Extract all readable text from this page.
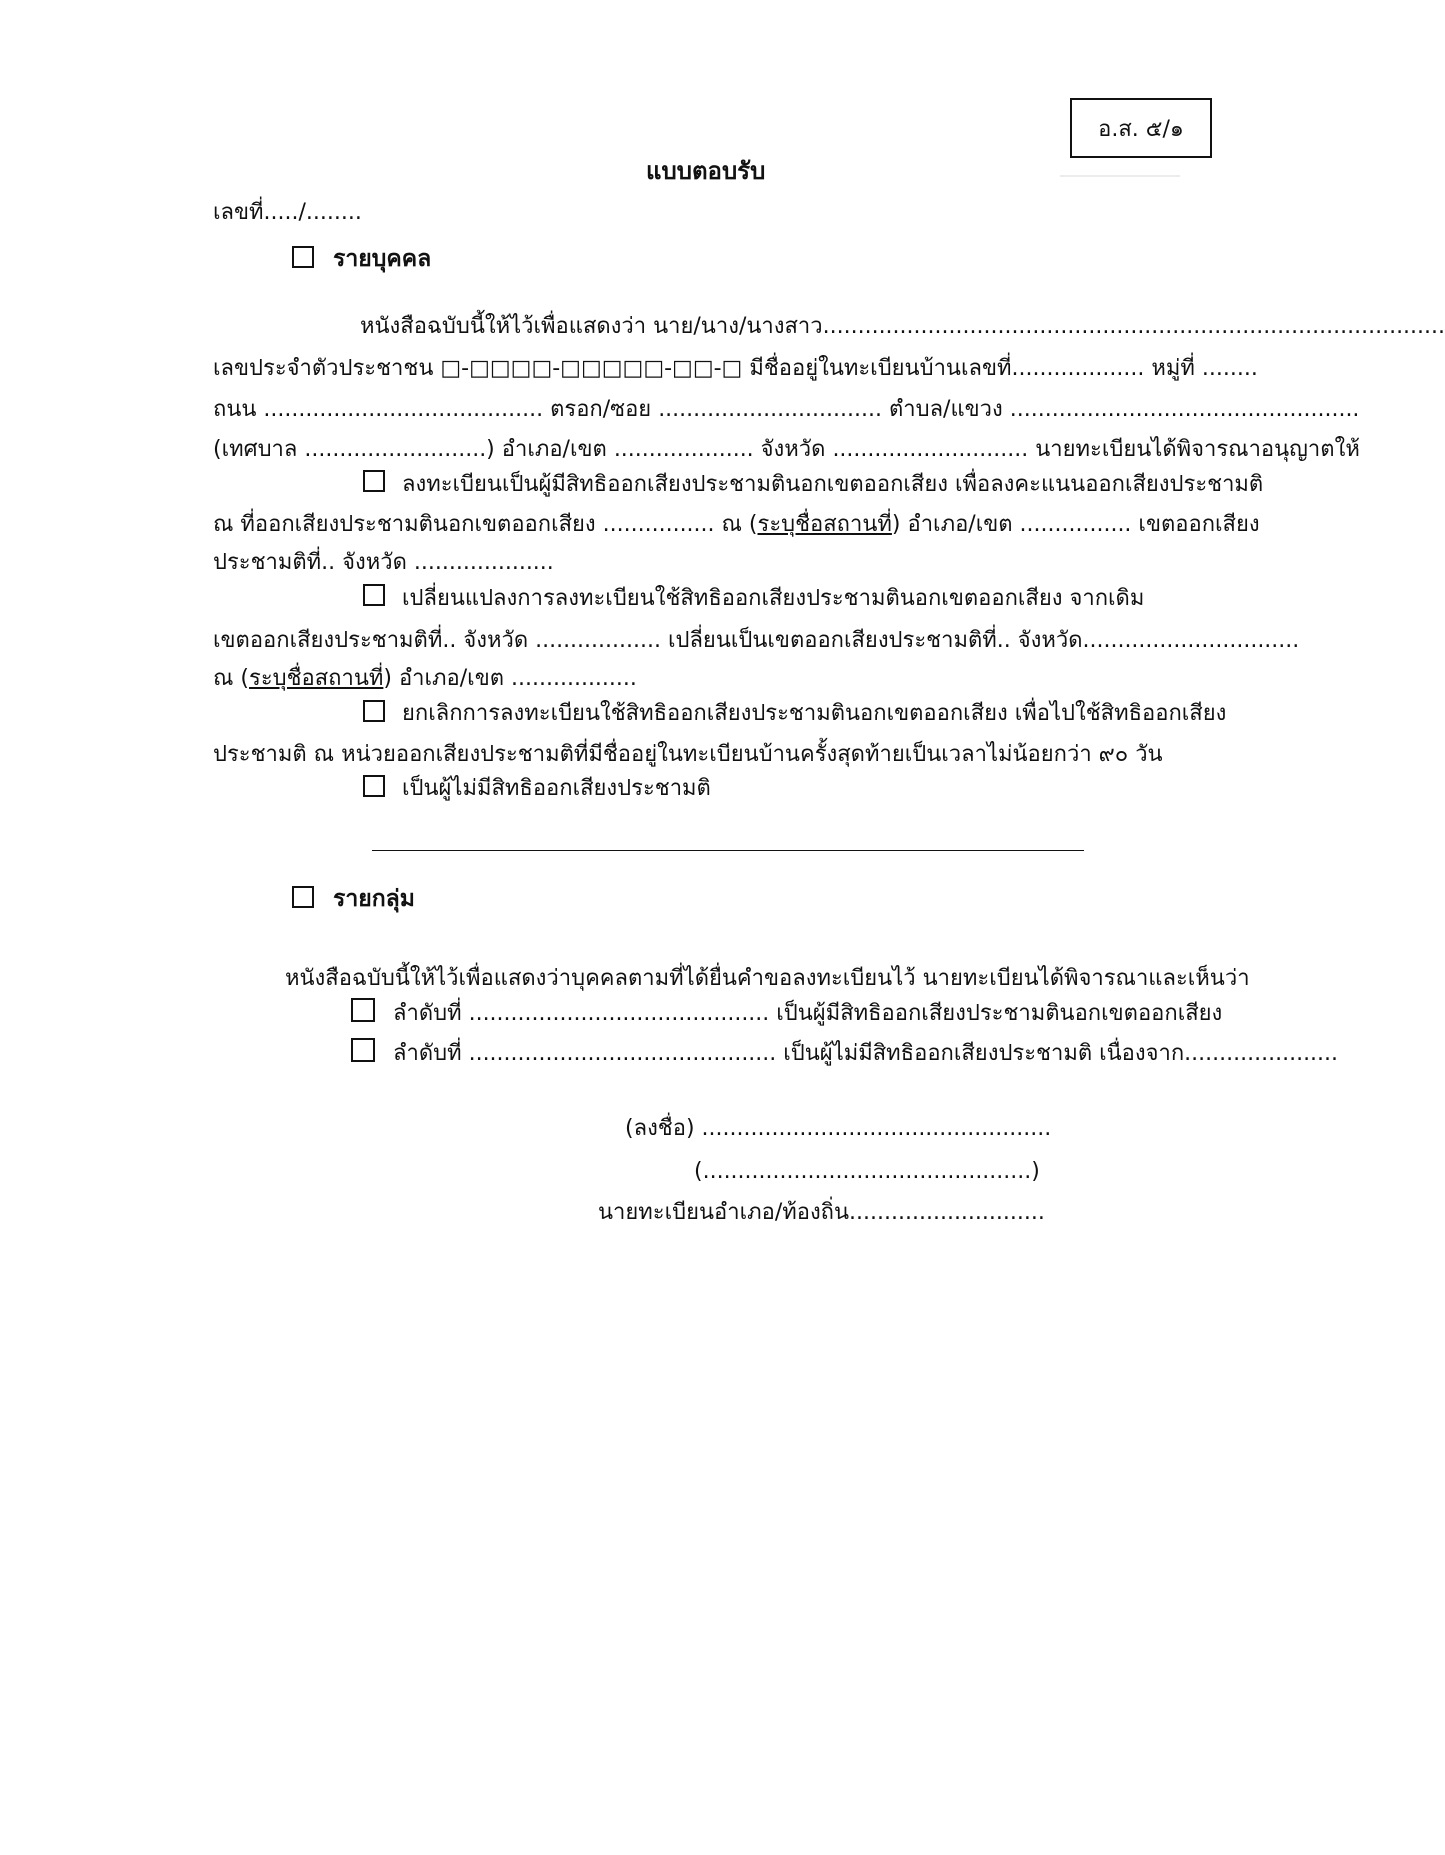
อ.ส. ๕/๑
แบบตอบรับ
เลขที่...../........
รายบุคคล
หนังสือฉบับนี้ให้ไว้เพื่อแสดงว่า นาย/นาง/นางสาว.........................................................................................
เลขประจำตัวประชาชน □-□□□□-□□□□□-□□-□ มีชื่ออยู่ในทะเบียนบ้านเลขที่................... หมู่ที่ ........
ถนน ........................................ ตรอก/ซอย ................................ ตำบล/แขวง ..................................................
(เทศบาล ..........................) อำเภอ/เขต .................... จังหวัด ............................ นายทะเบียนได้พิจารณาอนุญาตให้
ลงทะเบียนเป็นผู้มีสิทธิออกเสียงประชามตินอกเขตออกเสียง เพื่อลงคะแนนออกเสียงประชามติ
ณ ที่ออกเสียงประชามตินอกเขตออกเสียง ................ ณ (ระบุชื่อสถานที่) อำเภอ/เขต ................ เขตออกเสียง
ประชามติที่.. จังหวัด ....................
เปลี่ยนแปลงการลงทะเบียนใช้สิทธิออกเสียงประชามตินอกเขตออกเสียง จากเดิม
เขตออกเสียงประชามติที่.. จังหวัด .................. เปลี่ยนเป็นเขตออกเสียงประชามติที่.. จังหวัด...............................
ณ (ระบุชื่อสถานที่) อำเภอ/เขต ..................
ยกเลิกการลงทะเบียนใช้สิทธิออกเสียงประชามตินอกเขตออกเสียง เพื่อไปใช้สิทธิออกเสียง
ประชามติ ณ หน่วยออกเสียงประชามติที่มีชื่ออยู่ในทะเบียนบ้านครั้งสุดท้ายเป็นเวลาไม่น้อยกว่า ๙๐ วัน
เป็นผู้ไม่มีสิทธิออกเสียงประชามติ
รายกลุ่ม
หนังสือฉบับนี้ให้ไว้เพื่อแสดงว่าบุคคลตามที่ได้ยื่นคำขอลงทะเบียนไว้ นายทะเบียนได้พิจารณาและเห็นว่า
ลำดับที่ ........................................... เป็นผู้มีสิทธิออกเสียงประชามตินอกเขตออกเสียง
ลำดับที่ ............................................ เป็นผู้ไม่มีสิทธิออกเสียงประชามติ เนื่องจาก......................
(ลงชื่อ) ..................................................
(...............................................)
นายทะเบียนอำเภอ/ท้องถิ่น............................
